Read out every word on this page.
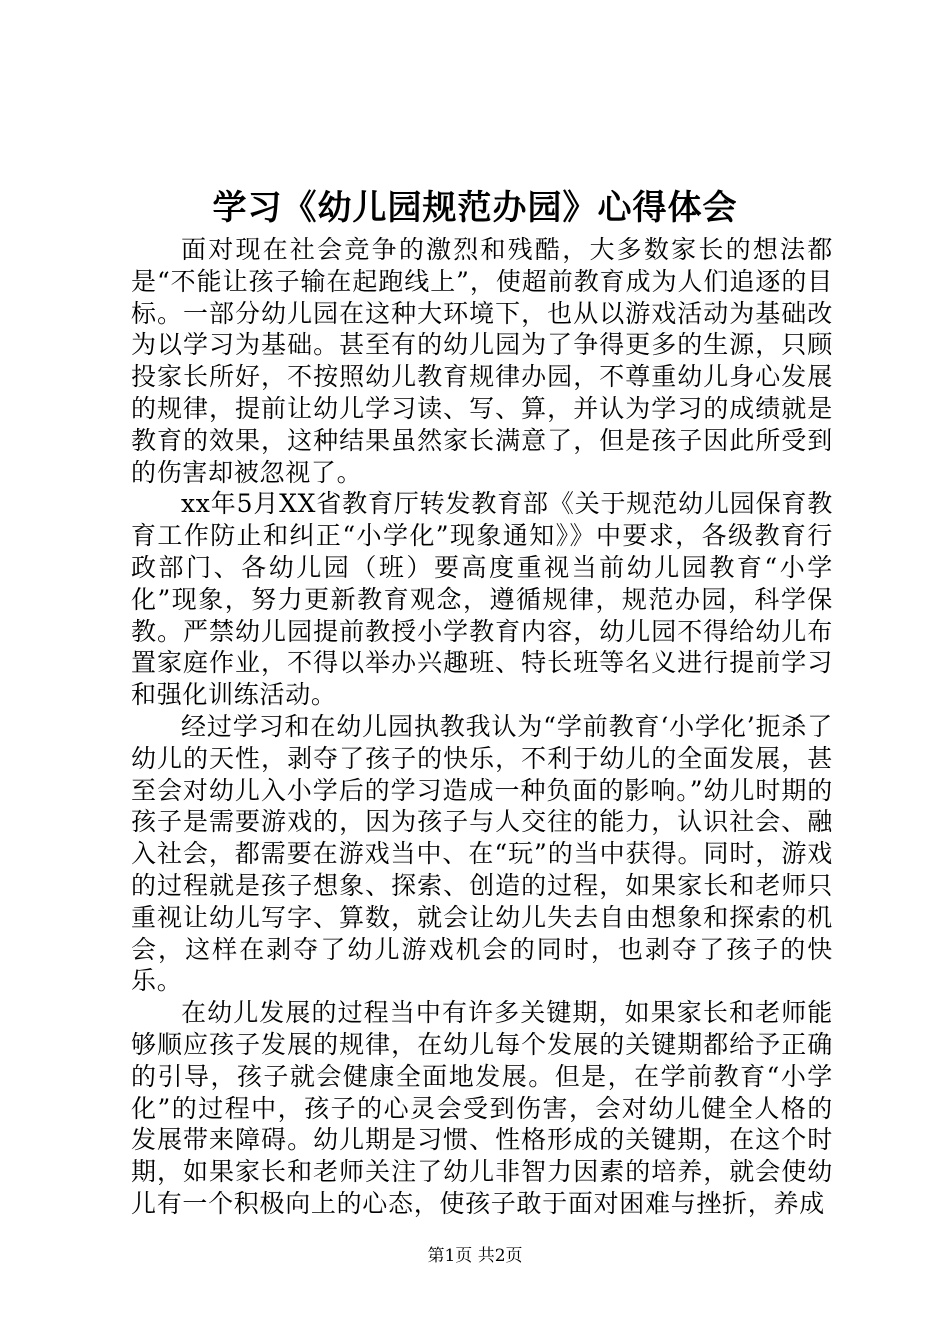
学习《幼儿园规范办园》心得体会

面对现在社会竞争的激烈和残酷，大多数家长的想法都是“不能让孩子输在起跑线上”，使超前教育成为人们追逐的目标。一部分幼儿园在这种大环境下，也从以游戏活动为基础改为以学习为基础。甚至有的幼儿园为了争得更多的生源，只顾投家长所好，不按照幼儿教育规律办园，不尊重幼儿身心发展的规律，提前让幼儿学习读、写、算，并认为学习的成绩就是教育的效果，这种结果虽然家长满意了，但是孩子因此所受到的伤害却被忽视了。

xx年5月XX省教育厅转发教育部《关于规范幼儿园保育教育工作防止和纠正“小学化”现象通知》》中要求，各级教育行政部门、各幼儿园（班）要高度重视当前幼儿园教育“小学化”现象，努力更新教育观念，遵循规律，规范办园，科学保教。严禁幼儿园提前教授小学教育内容，幼儿园不得给幼儿布置家庭作业，不得以举办兴趣班、特长班等名义进行提前学习和强化训练活动。

经过学习和在幼儿园执教我认为“学前教育‘小学化’扼杀了幼儿的天性，剥夺了孩子的快乐，不利于幼儿的全面发展，甚至会对幼儿入小学后的学习造成一种负面的影响。”幼儿时期的孩子是需要游戏的，因为孩子与人交往的能力，认识社会、融入社会，都需要在游戏当中、在“玩”的当中获得。同时，游戏的过程就是孩子想象、探索、创造的过程，如果家长和老师只重视让幼儿写字、算数，就会让幼儿失去自由想象和探索的机会，这样在剥夺了幼儿游戏机会的同时，也剥夺了孩子的快乐。

在幼儿发展的过程当中有许多关键期，如果家长和老师能够顺应孩子发展的规律，在幼儿每个发展的关键期都给予正确的引导，孩子就会健康全面地发展。但是，在学前教育“小学化”的过程中，孩子的心灵会受到伤害，会对幼儿健全人格的发展带来障碍。幼儿期是习惯、性格形成的关键期，在这个时期，如果家长和老师关注了幼儿非智力因素的培养，就会使幼儿有一个积极向上的心态，使孩子敢于面对困难与挫折，养成

第1页 共2页
